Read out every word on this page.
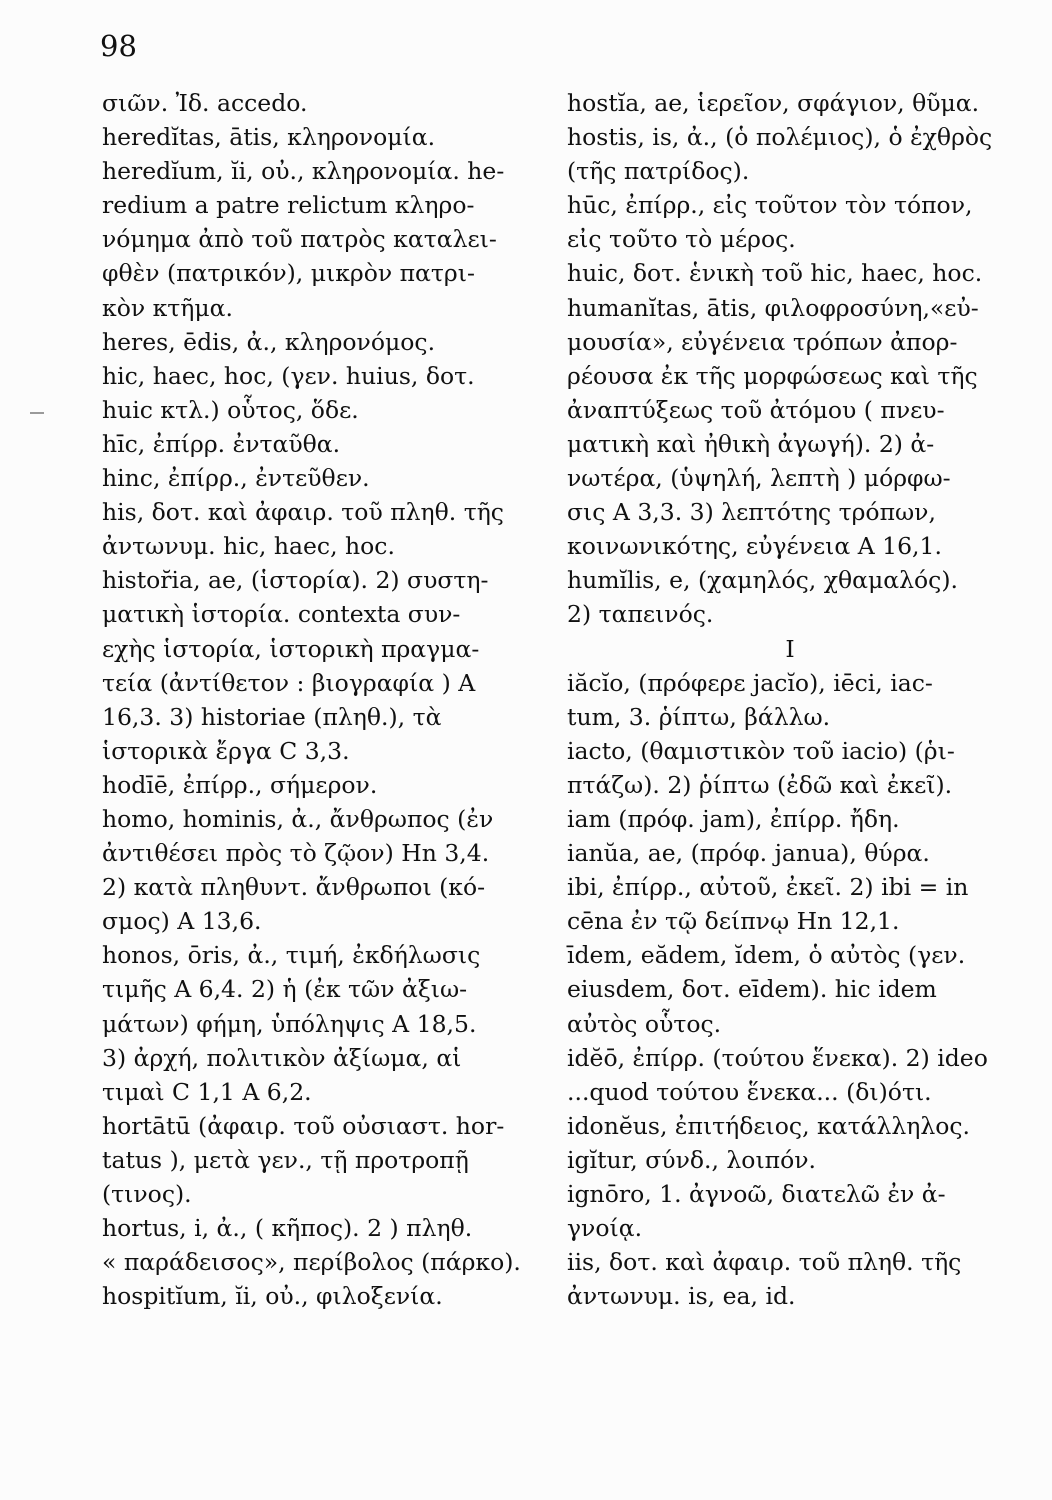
98
σιῶν. Ἰδ. accedo.
heredĭtas, ātis, κληρονομία.
heredĭum, ĭi, οὐ., κληρονομία. he-
redium a patre relictum κληρο-
νόμημα ἀπὸ τοῦ πατρὸς καταλει-
φθὲν (πατρικόν), μικρὸν πατρι-
κὸν κτῆμα.
heres, ēdis, ἀ., κληρονόμος.
hic, haec, hoc, (γεν. huius, δοτ.
huic κτλ.) οὗτος, ὅδε.
hīc, ἐπίρρ. ἐνταῦθα.
hinc, ἐπίρρ., ἐντεῦθεν.
his, δοτ. καὶ ἀφαιρ. τοῦ πληθ. τῆς
ἀντωνυμ. hic, haec, hoc.
histor̆ia, ae, (ἱστορία). 2) συστη-
ματικὴ ἱστορία. contexta συν-
εχὴς ἱστορία, ἱστορικὴ πραγμα-
τεία (ἀντίθετον : βιογραφία ) A
16,3. 3) historiae (πληθ.), τὰ
ἱστορικὰ ἔργα C 3,3.
hodīē, ἐπίρρ., σήμερον.
homo, hominis, ἀ., ἄνθρωπος (ἐν
ἀντιθέσει πρὸς τὸ ζῷον) Hn 3,4.
2) κατὰ πληθυντ. ἄνθρωποι (κό-
σμος) A 13,6.
honos, ōris, ἀ., τιμή, ἐκδήλωσις
τιμῆς A 6,4. 2) ἡ (ἐκ τῶν ἀξιω-
μάτων) φήμη, ὑπόληψις A 18,5.
3) ἀρχή, πολιτικὸν ἀξίωμα, αἱ
τιμαὶ C 1,1 A 6,2.
hortātū (ἀφαιρ. τοῦ οὐσιαστ. hor-
tatus ), μετὰ γεν., τῇ προτροπῇ
(τινος).
hortus, i, ἀ., ( κῆπος). 2 ) πληθ.
« παράδεισος», περίβολος (πάρκο).
hospitĭum, ĭi, οὐ., φιλοξενία.
hostĭa, ae, ἱερεῖον, σφάγιον, θῦμα.
hostis, is, ἀ., (ὁ πολέμιος), ὁ ἐχθρὸς
(τῆς πατρίδος).
hūc, ἐπίρρ., εἰς τοῦτον τὸν τόπον,
εἰς τοῦτο τὸ μέρος.
huic, δοτ. ἑνικὴ τοῦ hic, haec, hoc.
humanĭtas, ātis, φιλοφροσύνη,«εὐ-
μουσία», εὐγένεια τρόπων ἀπορ-
ρέουσα ἐκ τῆς μορφώσεως καὶ τῆς
ἀναπτύξεως τοῦ ἀτόμου ( πνευ-
ματικὴ καὶ ἠθικὴ ἀγωγή). 2) ἀ-
νωτέρα, (ὑψηλή, λεπτὴ ) μόρφω-
σις A 3,3. 3) λεπτότης τρόπων,
κοινωνικότης, εὐγένεια A 16,1.
humĭlis, e, (χαμηλός, χθαμαλός).
2) ταπεινός.
I
iăcĭo, (πρόφερε jacĭo), iēci, iac-
tum, 3. ῥίπτω, βάλλω.
iacto, (θαμιστικὸν τοῦ iacio) (ῥι-
πτάζω). 2) ῥίπτω (ἐδῶ καὶ ἐκεῖ).
iam (πρόφ. jam), ἐπίρρ. ἤδη.
ianŭa, ae, (πρόφ. janua), θύρα.
ibi, ἐπίρρ., αὐτοῦ, ἐκεῖ. 2) ibi = in
cēna ἐν τῷ δείπνῳ Hn 12,1.
īdem, eădem, ĭdem, ὁ αὐτὸς (γεν.
eiusdem, δοτ. eīdem). hic idem
αὐτὸς οὗτος.
idĕō, ἐπίρρ. (τούτου ἕνεκα). 2) ideo
...quod τούτου ἕνεκα... (δι)ότι.
idonĕus, ἐπιτήδειος, κατάλληλος.
igĭtur, σύνδ., λοιπόν.
ignōro, 1. ἀγνοῶ, διατελῶ ἐν ἀ-
γνοίᾳ.
iis, δοτ. καὶ ἀφαιρ. τοῦ πληθ. τῆς
ἀντωνυμ. is, ea, id.
